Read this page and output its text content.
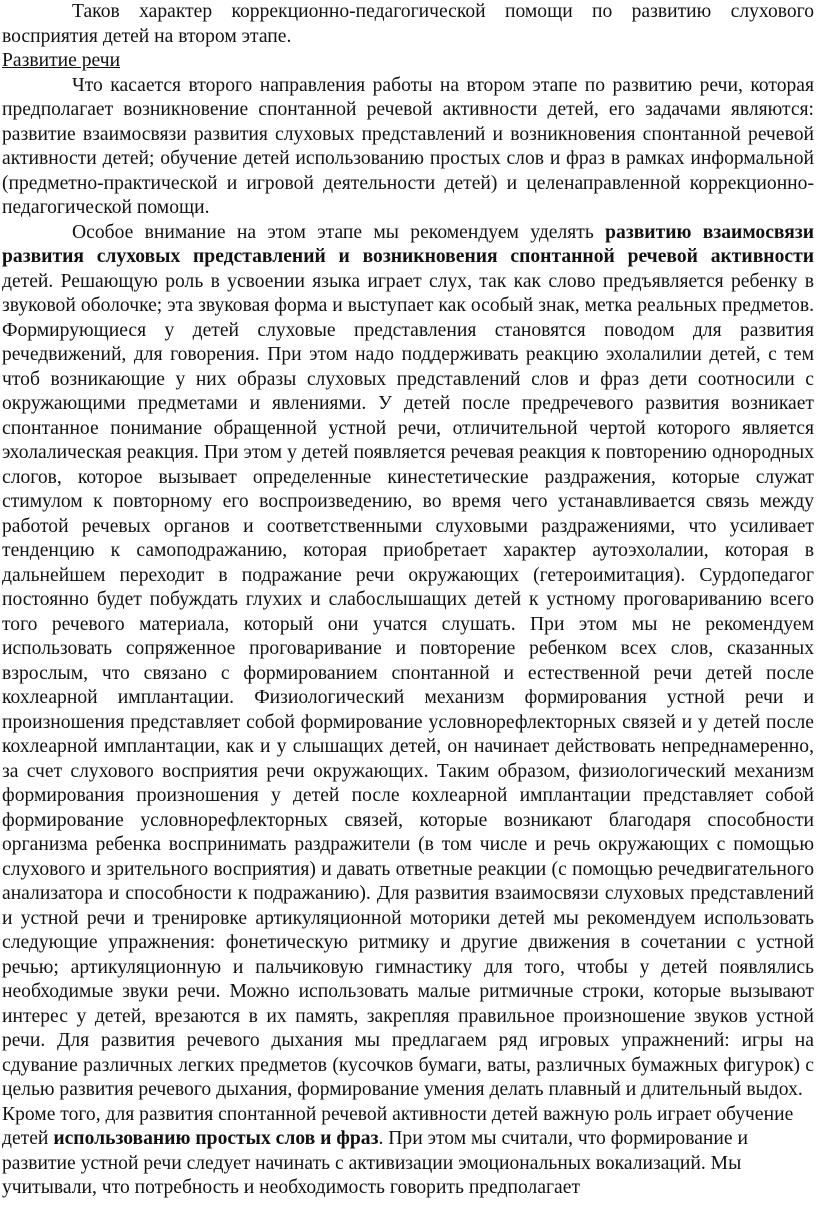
Таков характер коррекционно-педагогической помощи по развитию слухового восприятия детей на втором этапе.

Развитие речи

Что касается второго направления работы на втором этапе по развитию речи, которая предполагает возникновение спонтанной речевой активности детей, его задачами являются: развитие взаимосвязи развития слуховых представлений и возникновения спонтанной речевой активности детей; обучение детей использованию простых слов и фраз в рамках информальной (предметно-практической и игровой деятельности детей) и целенаправленной коррекционно-педагогической помощи.

Особое внимание на этом этапе мы рекомендуем уделять развитию взаимосвязи развития слуховых представлений и возникновения спонтанной речевой активности детей. Решающую роль в усвоении языка играет слух, так как слово предъявляется ребенку в звуковой оболочке; эта звуковая форма и выступает как особый знак, метка реальных предметов. Формирующиеся у детей слуховые представления становятся поводом для развития речедвижений, для говорения. При этом надо поддерживать реакцию эхолалилии детей, с тем чтоб возникающие у них образы слуховых представлений слов и фраз дети соотносили с окружающими предметами и явлениями. У детей после предречевого развития возникает спонтанное понимание обращенной устной речи, отличительной чертой которого является эхолалическая реакция. При этом у детей появляется речевая реакция к повторению однородных слогов, которое вызывает определенные кинестетические раздражения, которые служат стимулом к повторному его воспроизведению, во время чего устанавливается связь между работой речевых органов и соответственными слуховыми раздражениями, что усиливает тенденцию к самоподражанию, которая приобретает характер аутоэхолалии, которая в дальнейшем переходит в подражание речи окружающих (гетероимитация). Сурдопедагог постоянно будет побуждать глухих и слабослышащих детей к устному проговариванию всего того речевого материала, который они учатся слушать. При этом мы не рекомендуем использовать сопряженное проговаривание и повторение ребенком всех слов, сказанных взрослым, что связано с формированием спонтанной и естественной речи детей после кохлеарной имплантации. Физиологический механизм формирования устной речи и произношения представляет собой формирование условнорефлекторных связей и у детей после кохлеарной имплантации, как и у слышащих детей, он начинает действовать непреднамеренно, за счет слухового восприятия речи окружающих. Таким образом, физиологический механизм формирования произношения у детей после кохлеарной имплантации представляет собой формирование условнорефлекторных связей, которые возникают благодаря способности организма ребенка воспринимать раздражители (в том числе и речь окружающих с помощью слухового и зрительного восприятия) и давать ответные реакции (с помощью речедвигательного анализатора и способности к подражанию). Для развития взаимосвязи слуховых представлений и устной речи и тренировке артикуляционной моторики детей мы рекомендуем использовать следующие упражнения: фонетическую ритмику и другие движения в сочетании с устной речью; артикуляционную и пальчиковую гимнастику для того, чтобы у детей появлялись необходимые звуки речи. Можно использовать малые ритмичные строки, которые вызывают интерес у детей, врезаются в их память, закрепляя правильное произношение звуков устной речи. Для развития речевого дыхания мы предлагаем ряд игровых упражнений: игры на сдувание различных легких предметов (кусочков бумаги, ваты, различных бумажных фигурок) с целью развития речевого дыхания, формирование умения делать плавный и длительный выдох.

Кроме того, для развития спонтанной речевой активности детей важную роль играет обучение детей использованию простых слов и фраз. При этом мы считали, что формирование и развитие устной речи следует начинать с активизации эмоциональных вокализаций. Мы учитывали, что потребность и необходимость говорить предполагает
